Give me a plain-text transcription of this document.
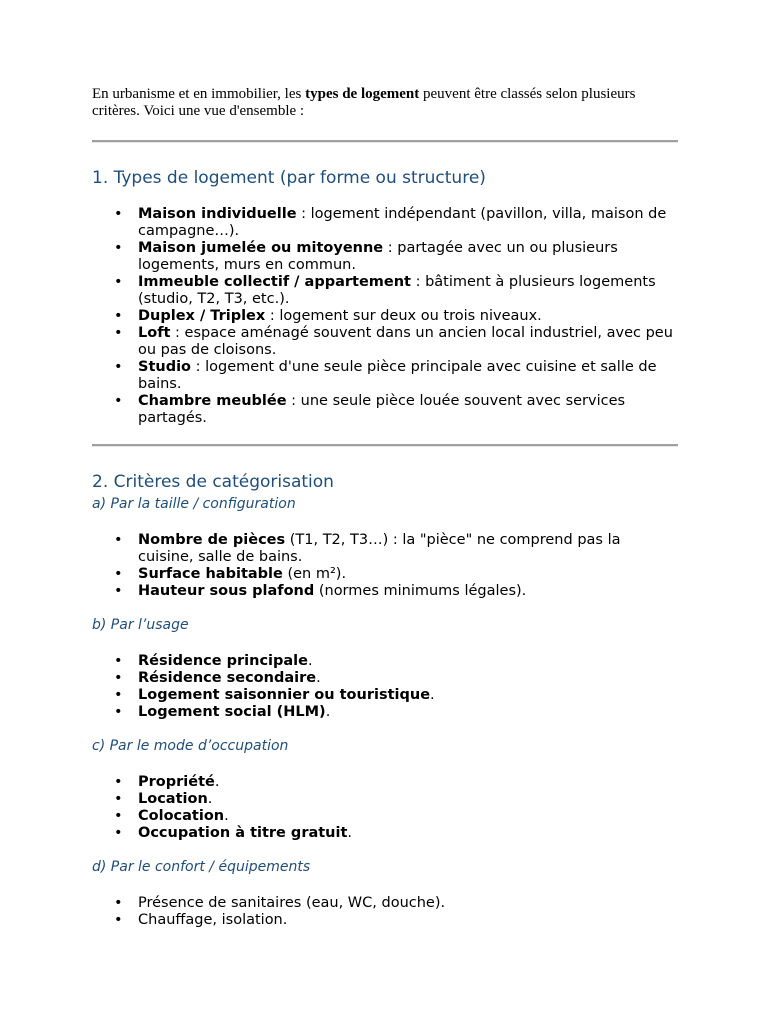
En urbanisme et en immobilier, les types de logement peuvent être classés selon plusieurs critères. Voici une vue d'ensemble :

1. Types de logement (par forme ou structure)
• Maison individuelle : logement indépendant (pavillon, villa, maison de campagne…).
• Maison jumelée ou mitoyenne : partagée avec un ou plusieurs logements, murs en commun.
• Immeuble collectif / appartement : bâtiment à plusieurs logements (studio, T2, T3, etc.).
• Duplex / Triplex : logement sur deux ou trois niveaux.
• Loft : espace aménagé souvent dans un ancien local industriel, avec peu ou pas de cloisons.
• Studio : logement d'une seule pièce principale avec cuisine et salle de bains.
• Chambre meublée : une seule pièce louée souvent avec services partagés.
2. Critères de catégorisation
a) Par la taille / configuration
• Nombre de pièces (T1, T2, T3…) : la "pièce" ne comprend pas la cuisine, salle de bains.
• Surface habitable (en m²).
• Hauteur sous plafond (normes minimums légales).
b) Par l’usage
• Résidence principale.
• Résidence secondaire.
• Logement saisonnier ou touristique.
• Logement social (HLM).
c) Par le mode d’occupation
• Propriété.
• Location.
• Colocation.
• Occupation à titre gratuit.
d) Par le confort / équipements
• Présence de sanitaires (eau, WC, douche).
• Chauffage, isolation.
